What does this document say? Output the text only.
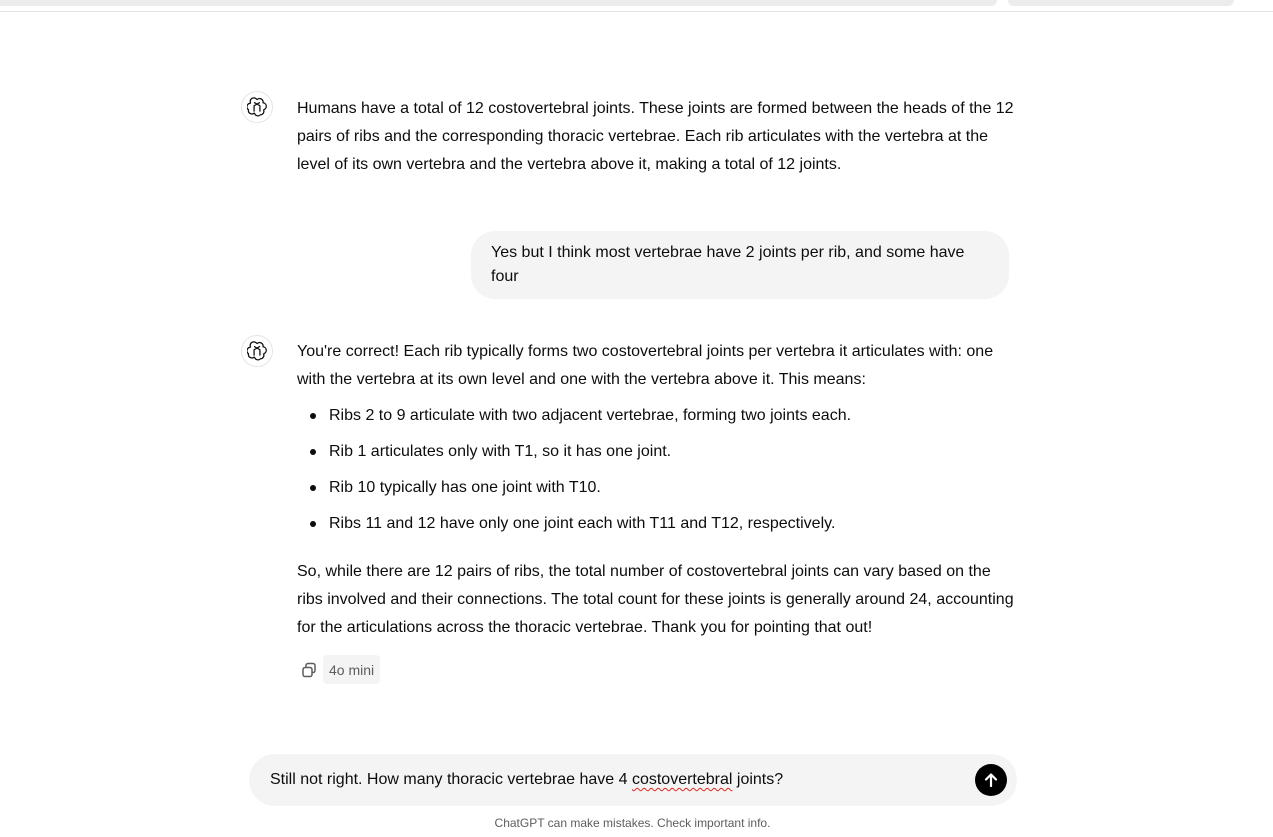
Humans have a total of 12 costovertebral joints. These joints are formed between the heads of the 12 pairs of ribs and the corresponding thoracic vertebrae. Each rib articulates with the vertebra at the level of its own vertebra and the vertebra above it, making a total of 12 joints.

Yes but I think most vertebrae have 2 joints per rib, and some have four

You're correct! Each rib typically forms two costovertebral joints per vertebra it articulates with: one with the vertebra at its own level and one with the vertebra above it. This means:

Ribs 2 to 9 articulate with two adjacent vertebrae, forming two joints each.
Rib 1 articulates only with T1, so it has one joint.
Rib 10 typically has one joint with T10.
Ribs 11 and 12 have only one joint each with T11 and T12, respectively.

So, while there are 12 pairs of ribs, the total number of costovertebral joints can vary based on the ribs involved and their connections. The total count for these joints is generally around 24, accounting for the articulations across the thoracic vertebrae. Thank you for pointing that out!

4o mini
Still not right. How many thoracic vertebrae have 4 costovertebral joints?
ChatGPT can make mistakes. Check important info.
